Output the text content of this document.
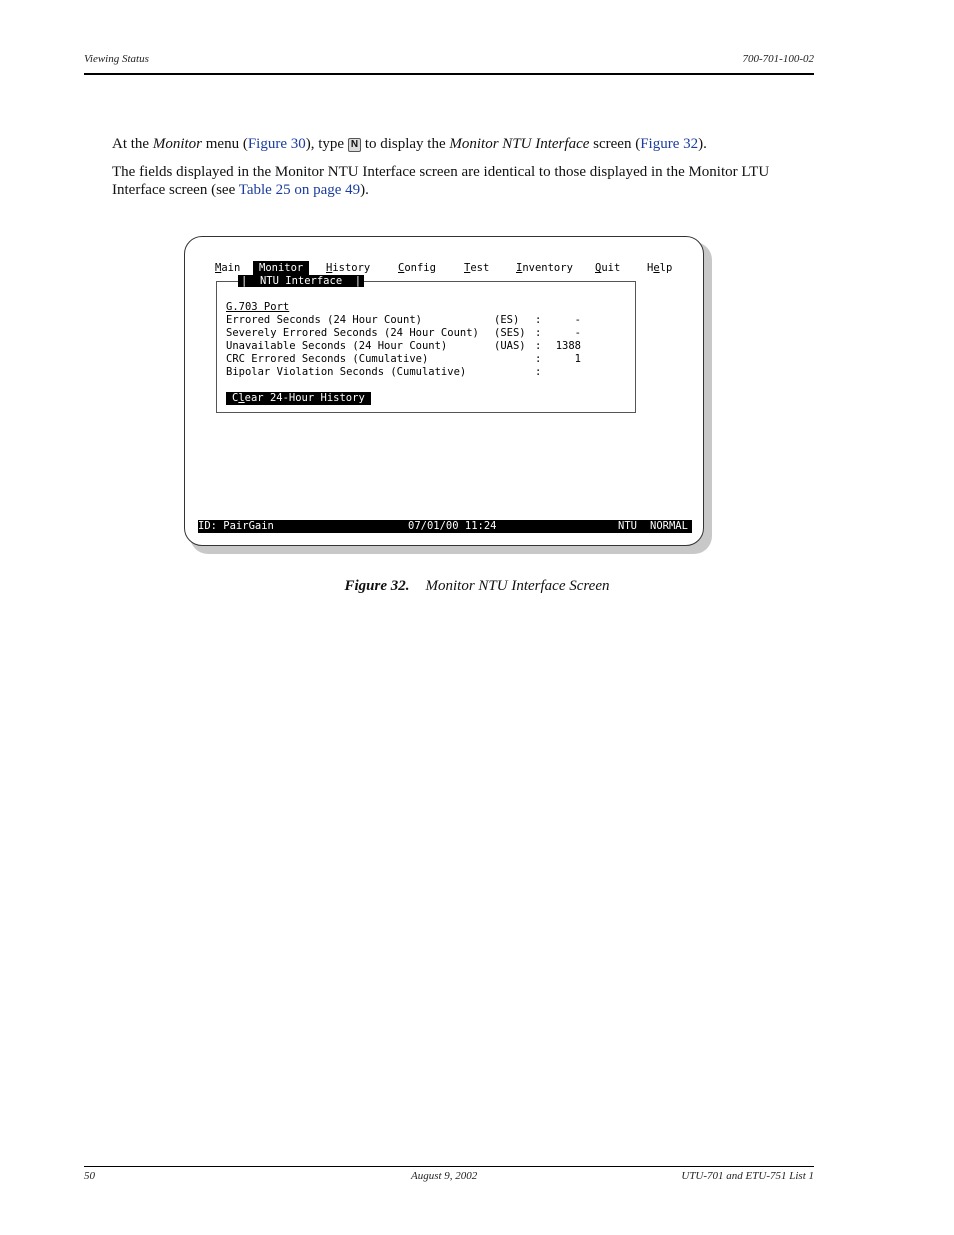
Viewing Status	700-701-100-02
At the Monitor menu (Figure 30), type N to display the Monitor NTU Interface screen (Figure 32).
The fields displayed in the Monitor NTU Interface screen are identical to those displayed in the Monitor LTU Interface screen (see Table 25 on page 49).

Main	Monitor	History	Config	Test	Inventory Quit	Help

|  NTU Interface  |

G.703 Port

Errored Seconds (24 Hour Count)	(ES) :	-
Severely Errored Seconds (24 Hour Count) (SES) :	-
Unavailable Seconds (24 Hour Count)	(UAS) :	1388
CRC Errored Seconds (Cumulative)	:	1
Bipolar Violation Seconds (Cumulative)	:

Clear 24-Hour History

ID: PairGain

	07/01/00 11:24

	NTU

NORMAL

Figure 32. Monitor NTU Interface Screen
50	August 9, 2002	UTU-701 and ETU-751 List 1
